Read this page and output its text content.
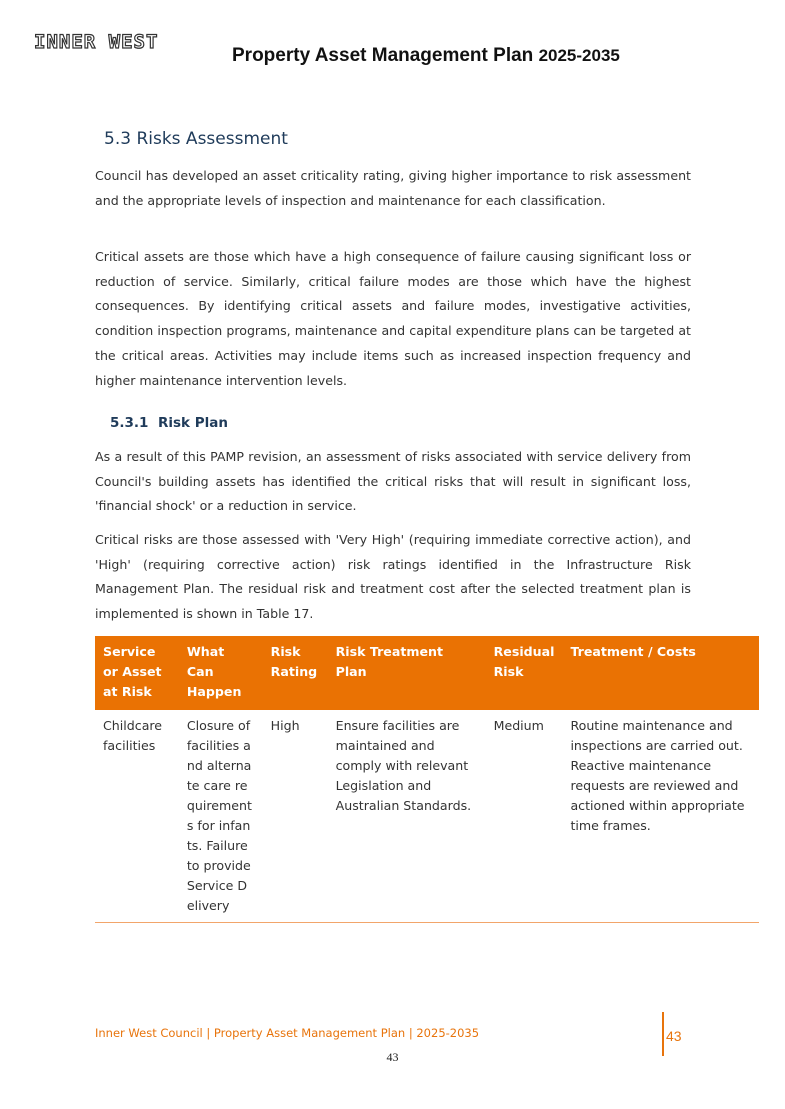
INNER WEST
Property Asset Management Plan 2025-2035
5.3 Risks Assessment

Council has developed an asset criticality rating, giving higher importance to risk assessment and the appropriate levels of inspection and maintenance for each classification.

Critical assets are those which have a high consequence of failure causing significant loss or reduction of service. Similarly, critical failure modes are those which have the highest consequences. By identifying critical assets and failure modes, investigative activities, condition inspection programs, maintenance and capital expenditure plans can be targeted at the critical areas. Activities may include items such as increased inspection frequency and higher maintenance intervention levels.

5.3.1 Risk Plan

As a result of this PAMP revision, an assessment of risks associated with service delivery from Council's building assets has identified the critical risks that will result in significant loss, 'financial shock' or a reduction in service.

Critical risks are those assessed with 'Very High' (requiring immediate corrective action), and 'High' (requiring corrective action) risk ratings identified in the Infrastructure Risk Management Plan. The residual risk and treatment cost after the selected treatment plan is implemented is shown in Table 17.

Service or Asset at Risk	What Can Happen	Risk Rating	Risk Treatment Plan	Residual Risk	Treatment / Costs
Childcare facilities	Closure of facilities and alternate care requirements for infants. Failure to provide Service Delivery	High	Ensure facilities are maintained and comply with relevant Legislation and Australian Standards.	Medium	Routine maintenance and inspections are carried out. Reactive maintenance requests are reviewed and actioned within appropriate time frames.
Inner West Council | Property Asset Management Plan | 2025-2035	43
43
